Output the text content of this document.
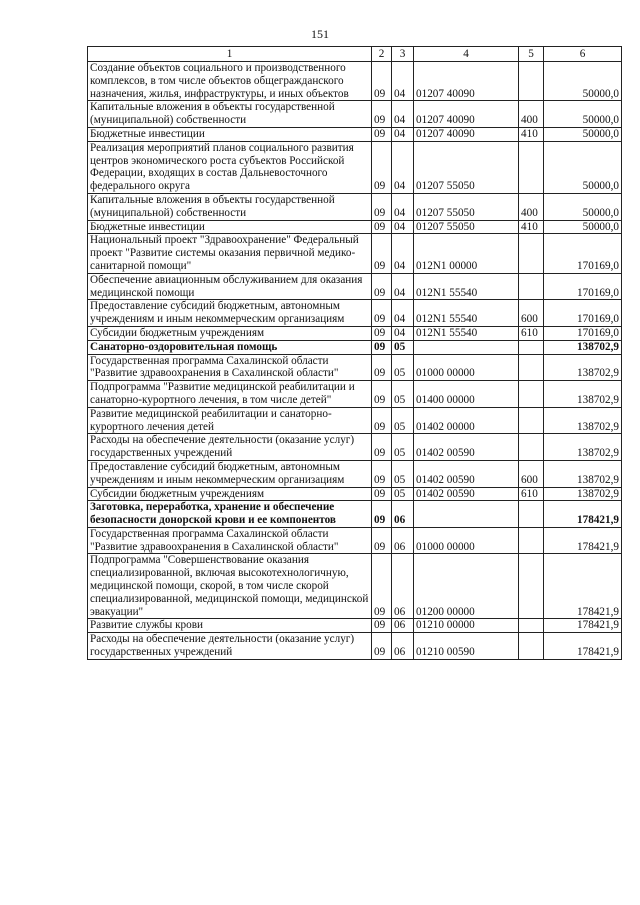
151
1	2	3	4	5	6
Создание объектов социального и производственного комплексов, в том числе объектов общегражданского назначения, жилья, инфраструктуры, и иных объектов	09	04	01207 40090		50000,0
Капитальные вложения в объекты государственной (муниципальной) собственности	09	04	01207 40090	400	50000,0
Бюджетные инвестиции	09	04	01207 40090	410	50000,0
Реализация мероприятий планов социального развития центров экономического роста субъектов Российской Федерации, входящих в состав Дальневосточного федерального округа	09	04	01207 55050		50000,0
Капитальные вложения в объекты государственной (муниципальной) собственности	09	04	01207 55050	400	50000,0
Бюджетные инвестиции	09	04	01207 55050	410	50000,0
Национальный проект "Здравоохранение" Федеральный проект "Развитие системы оказания первичной медико-санитарной помощи"	09	04	012N1 00000		170169,0
Обеспечение авиационным обслуживанием для оказания медицинской помощи	09	04	012N1 55540		170169,0
Предоставление субсидий бюджетным, автономным учреждениям и иным некоммерческим организациям	09	04	012N1 55540	600	170169,0
Субсидии бюджетным учреждениям	09	04	012N1 55540	610	170169,0
Санаторно-оздоровительная помощь	09	05			138702,9
Государственная программа Сахалинской области "Развитие здравоохранения в Сахалинской области"	09	05	01000 00000		138702,9
Подпрограмма "Развитие медицинской реабилитации и санаторно-курортного лечения, в том числе детей"	09	05	01400 00000		138702,9
Развитие медицинской реабилитации и санаторно-курортного лечения детей	09	05	01402 00000		138702,9
Расходы на обеспечение деятельности (оказание услуг) государственных учреждений	09	05	01402 00590		138702,9
Предоставление субсидий бюджетным, автономным учреждениям и иным некоммерческим организациям	09	05	01402 00590	600	138702,9
Субсидии бюджетным учреждениям	09	05	01402 00590	610	138702,9
Заготовка, переработка, хранение и обеспечение безопасности донорской крови и ее компонентов	09	06			178421,9
Государственная программа Сахалинской области "Развитие здравоохранения в Сахалинской области"	09	06	01000 00000		178421,9
Подпрограмма "Совершенствование оказания специализированной, включая высокотехнологичную, медицинской помощи, скорой, в том числе скорой специализированной, медицинской помощи, медицинской эвакуации"	09	06	01200 00000		178421,9
Развитие службы крови	09	06	01210 00000		178421,9
Расходы на обеспечение деятельности (оказание услуг) государственных учреждений	09	06	01210 00590		178421,9
